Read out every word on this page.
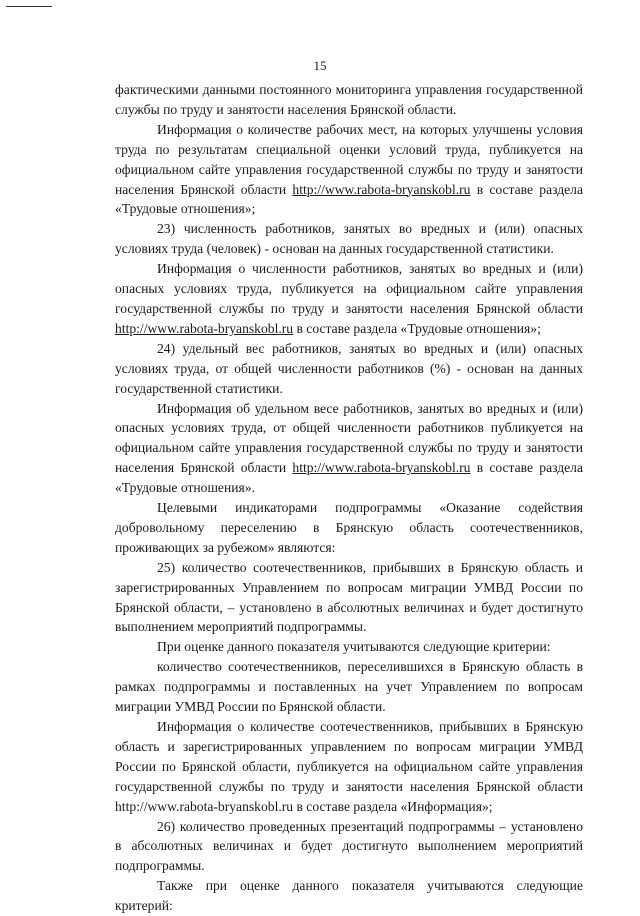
15

фактическими данными постоянного мониторинга управления государственной службы по труду и занятости населения Брянской области.

Информация о количестве рабочих мест, на которых улучшены условия труда по результатам специальной оценки условий труда, публикуется на официальном сайте управления государственной службы по труду и занятости населения Брянской области http://www.rabota-bryanskobl.ru в составе раздела «Трудовые отношения»;

23) численность работников, занятых во вредных и (или) опасных условиях труда (человек) - основан на данных государственной статистики.

Информация о численности работников, занятых во вредных и (или) опасных условиях труда, публикуется на официальном сайте управления государственной службы по труду и занятости населения Брянской области http://www.rabota-bryanskobl.ru в составе раздела «Трудовые отношения»;

24) удельный вес работников, занятых во вредных и (или) опасных условиях труда, от общей численности работников (%) - основан на данных государственной статистики.

Информация об удельном весе работников, занятых во вредных и (или) опасных условиях труда, от общей численности работников публикуется на официальном сайте управления государственной службы по труду и занятости населения Брянской области http://www.rabota-bryanskobl.ru в составе раздела «Трудовые отношения».

Целевыми индикаторами подпрограммы «Оказание содействия добровольному переселению в Брянскую область соотечественников, проживающих за рубежом» являются:

25) количество соотечественников, прибывших в Брянскую область и зарегистрированных Управлением по вопросам миграции УМВД России по Брянской области, – установлено в абсолютных величинах и будет достигнуто выполнением мероприятий подпрограммы.

При оценке данного показателя учитываются следующие критерии:

количество соотечественников, переселившихся в Брянскую область в рамках подпрограммы и поставленных на учет Управлением по вопросам миграции УМВД России по Брянской области.

Информация о количестве соотечественников, прибывших в Брянскую область и зарегистрированных управлением по вопросам миграции УМВД России по Брянской области, публикуется на официальном сайте управления государственной службы по труду и занятости населения Брянской области http://www.rabota-bryanskobl.ru в составе раздела «Информация»;

26) количество проведенных презентаций подпрограммы – установлено в абсолютных величинах и будет достигнуто выполнением мероприятий подпрограммы.

Также при оценке данного показателя учитываются следующие критерий:
